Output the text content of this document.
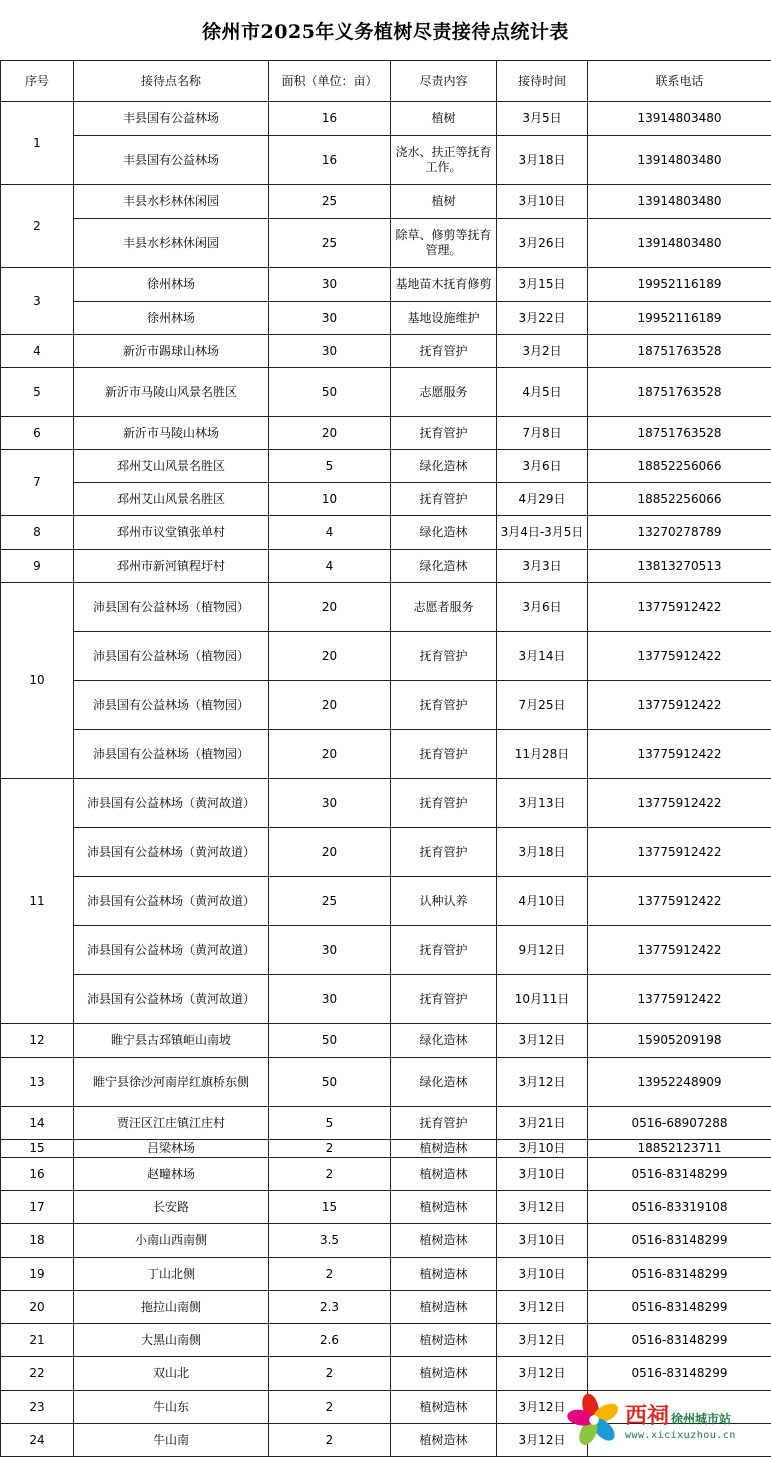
徐州市2025年义务植树尽责接待点统计表
序号	接待点名称	面积（单位：亩）	尽责内容	接待时间	联系电话
1	丰县国有公益林场	16	植树	3月5日	13914803480
	丰县国有公益林场	16	浇水、扶正等抚育工作。	3月18日	13914803480
2	丰县水杉林休闲园	25	植树	3月10日	13914803480
	丰县水杉林休闲园	25	除草、修剪等抚育管理。	3月26日	13914803480
3	徐州林场	30	基地苗木抚育修剪	3月15日	19952116189
	徐州林场	30	基地设施维护	3月22日	19952116189
4	新沂市踢球山林场	30	抚育管护	3月2日	18751763528
5	新沂市马陵山风景名胜区	50	志愿服务	4月5日	18751763528
6	新沂市马陵山林场	20	抚育管护	7月8日	18751763528
7	邳州艾山风景名胜区	5	绿化造林	3月6日	18852256066
	邳州艾山风景名胜区	10	抚育管护	4月29日	18852256066
8	邳州市议堂镇张单村	4	绿化造林	3月4日-3月5日	13270278789
9	邳州市新河镇程圩村	4	绿化造林	3月3日	13813270513
10	沛县国有公益林场（植物园）	20	志愿者服务	3月6日	13775912422
	沛县国有公益林场（植物园）	20	抚育管护	3月14日	13775912422
	沛县国有公益林场（植物园）	20	抚育管护	7月25日	13775912422
	沛县国有公益林场（植物园）	20	抚育管护	11月28日	13775912422
11	沛县国有公益林场（黄河故道）	30	抚育管护	3月13日	13775912422
	沛县国有公益林场（黄河故道）	20	抚育管护	3月18日	13775912422
	沛县国有公益林场（黄河故道）	25	认种认养	4月10日	13775912422
	沛县国有公益林场（黄河故道）	30	抚育管护	9月12日	13775912422
	沛县国有公益林场（黄河故道）	30	抚育管护	10月11日	13775912422
12	睢宁县古邳镇岠山南坡	50	绿化造林	3月12日	15905209198
13	睢宁县徐沙河南岸红旗桥东侧	50	绿化造林	3月12日	13952248909
14	贾汪区江庄镇江庄村	5	抚育管护	3月21日	0516-68907288
15	吕梁林场	2	植树造林	3月10日	18852123711
16	赵疃林场	2	植树造林	3月10日	0516-83148299
17	长安路	15	植树造林	3月12日	0516-83319108
18	小南山西南侧	3.5	植树造林	3月10日	0516-83148299
19	丁山北侧	2	植树造林	3月10日	0516-83148299
20	拖拉山南侧	2.3	植树造林	3月12日	0516-83148299
21	大黑山南侧	2.6	植树造林	3月12日	0516-83148299
22	双山北	2	植树造林	3月12日	0516-83148299
23	牛山东	2	植树造林	3月12日	
24	牛山南	2	植树造林	3月12日	
西祠 徐州城市站
www.xicixuzhou.cn
